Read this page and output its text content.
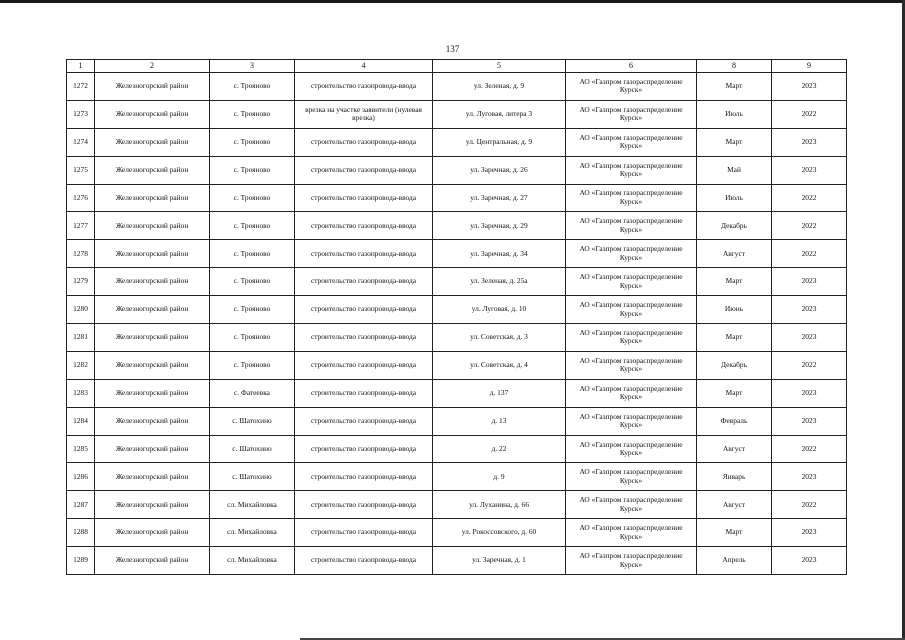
137
1	2	3	4	5	6	8	9
1272	Железногорский район	с. Трояново	строительство газопровода-ввода	ул. Зеленая, д. 9	АО «Газпром газораспределение Курск»	Март	2023
1273	Железногорский район	с. Трояново	врезка на участке заявители (нулевая врезка)	ул. Луговая, литера 3	АО «Газпром газораспределение Курск»	Июль	2022
1274	Железногорский район	с. Трояново	строительство газопровода-ввода	ул. Центральная, д. 9	АО «Газпром газораспределение Курск»	Март	2023
1275	Железногорский район	с. Трояново	строительство газопровода-ввода	ул. Заречная, д. 26	АО «Газпром газораспределение Курск»	Май	2023
1276	Железногорский район	с. Трояново	строительство газопровода-ввода	ул. Заречная, д. 27	АО «Газпром газораспределение Курск»	Июль	2022
1277	Железногорский район	с. Трояново	строительство газопровода-ввода	ул. Заречная, д. 29	АО «Газпром газораспределение Курск»	Декабрь	2022
1278	Железногорский район	с. Трояново	строительство газопровода-ввода	ул. Заречная, д. 34	АО «Газпром газораспределение Курск»	Август	2022
1279	Железногорский район	с. Трояново	строительство газопровода-ввода	ул. Зеленая, д. 25а	АО «Газпром газораспределение Курск»	Март	2023
1280	Железногорский район	с. Трояново	строительство газопровода-ввода	ул. Луговая, д. 10	АО «Газпром газораспределение Курск»	Июнь	2023
1281	Железногорский район	с. Трояново	строительство газопровода-ввода	ул. Советская, д. 3	АО «Газпром газораспределение Курск»	Март	2023
1282	Железногорский район	с. Трояново	строительство газопровода-ввода	ул. Советская, д. 4	АО «Газпром газораспределение Курск»	Декабрь	2022
1283	Железногорский район	с. Фатеевка	строительство газопровода-ввода	д. 137	АО «Газпром газораспределение Курск»	Март	2023
1284	Железногорский район	с. Шатохино	строительство газопровода-ввода	д. 13	АО «Газпром газораспределение Курск»	Февраль	2023
1285	Железногорский район	с. Шатохино	строительство газопровода-ввода	д. 22	АО «Газпром газораспределение Курск»	Август	2022
1286	Железногорский район	с. Шатохино	строительство газопровода-ввода	д. 9	АО «Газпром газораспределение Курск»	Январь	2023
1287	Железногорский район	сл. Михайловка	строительство газопровода-ввода	ул. Луханина, д. 66	АО «Газпром газораспределение Курск»	Август	2022
1288	Железногорский район	сл. Михайловка	строительство газопровода-ввода	ул. Рокоссовского, д. 60	АО «Газпром газораспределение Курск»	Март	2023
1289	Железногорский район	сл. Михайловка	строительство газопровода-ввода	ул. Заречная, д. 1	АО «Газпром газораспределение Курск»	Апрель	2023
